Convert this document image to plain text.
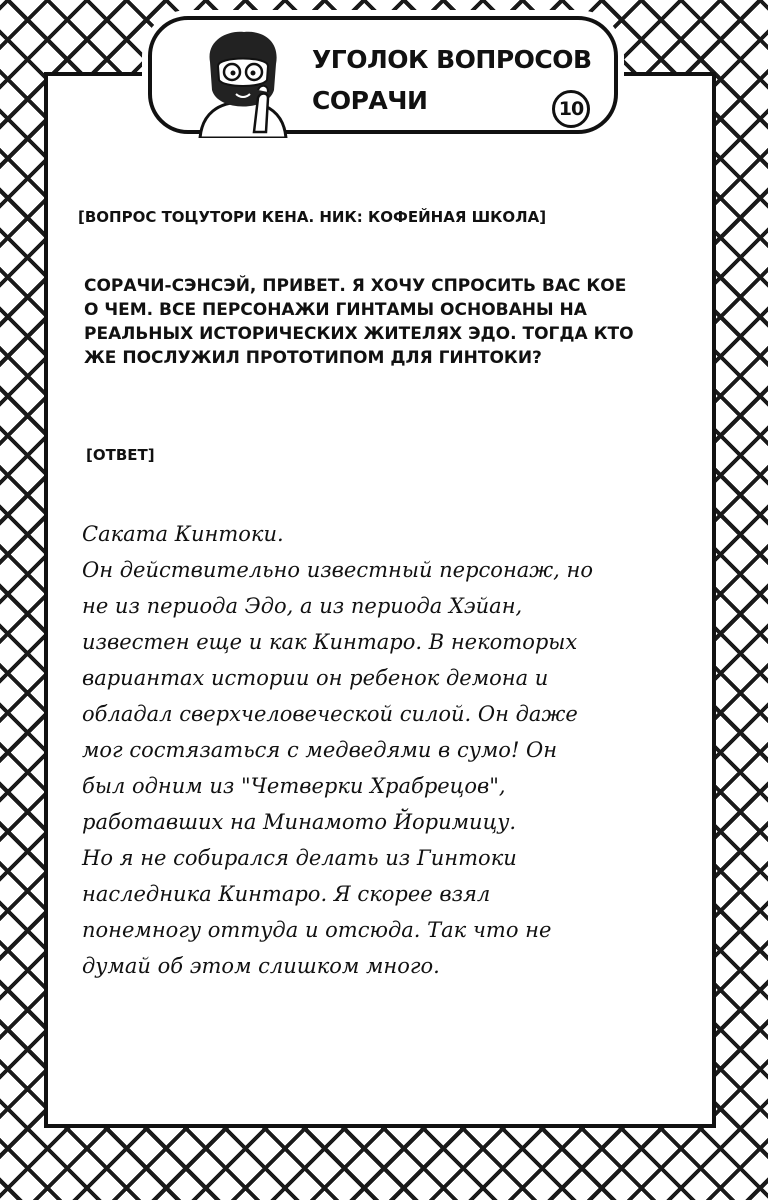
УГОЛОК ВОПРОСОВ
СОРАЧИ	10
[ВОПРОС ТОЦУТОРИ КЕНА. НИК: КОФЕЙНАЯ ШКОЛА]
СОРАЧИ-СЭНСЭЙ, ПРИВЕТ. Я ХОЧУ СПРОСИТЬ ВАС КОЕ
О ЧЕМ. ВСЕ ПЕРСОНАЖИ ГИНТАМЫ ОСНОВАНЫ НА
РЕАЛЬНЫХ ИСТОРИЧЕСКИХ ЖИТЕЛЯХ ЭДО. ТОГДА КТО
ЖЕ ПОСЛУЖИЛ ПРОТОТИПОМ ДЛЯ ГИНТОКИ?
[ОТВЕТ]
Саката Кинтоки.
Он действительно известный персонаж, но
не из периода Эдо, а из периода Хэйан,
известен еще и как Кинтаро. В некоторых
вариантах истории он ребенок демона и
обладал сверхчеловеческой силой. Он даже
мог состязаться с медведями в сумо! Он
был одним из "Четверки Храбрецов",
работавших на Минамото Йоримицу.
Но я не собирался делать из Гинтоки
наследника Кинтаро. Я скорее взял
понемногу оттуда и отсюда. Так что не
думай об этом слишком много.
